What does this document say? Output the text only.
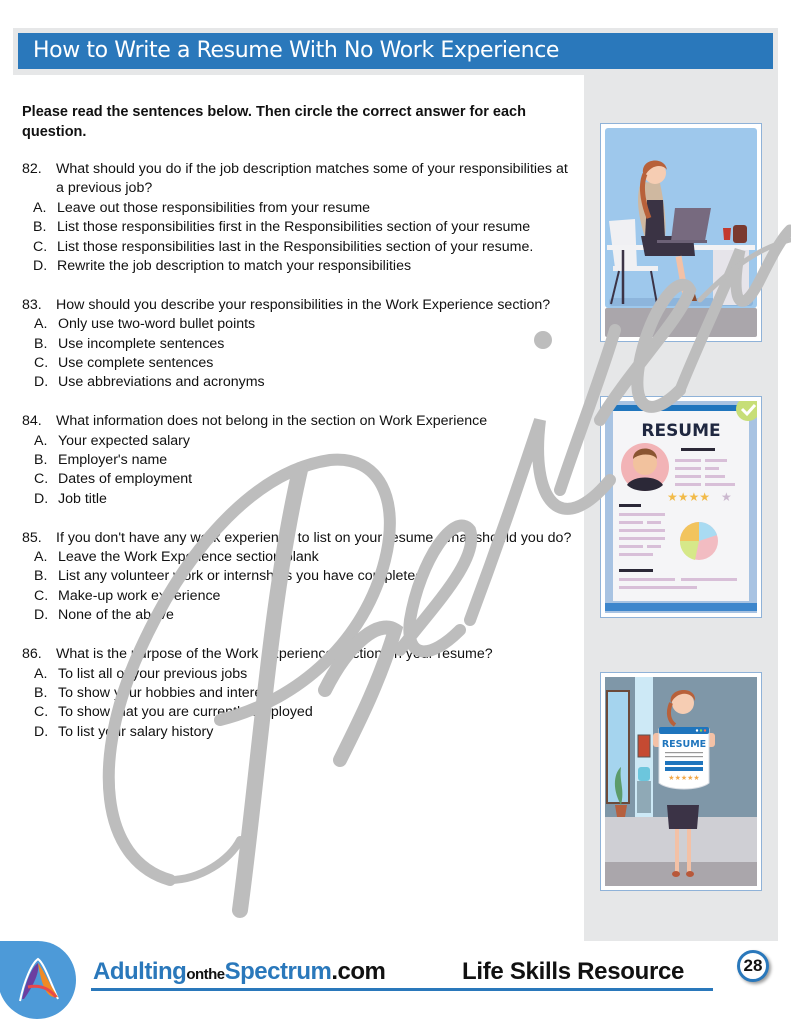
How to Write a Resume With No Work Experience

Please read the sentences below. Then circle the correct answer for each question.

82.	What should you do if the job description matches some of your responsibilities at a previous job?
A. Leave out those responsibilities from your resume
B. List those responsibilities first in the Responsibilities section of your resume
C. List those responsibilities last in the Responsibilities section of your resume.
D. Rewrite the job description to match your responsibilities
83.	How should you describe your responsibilities in the Work Experience section?
A. Only use two-word bullet points
B. Use incomplete sentences
C. Use complete sentences
D. Use abbreviations and acronyms
84.	What information does not belong in the section on Work Experience
A. Your expected salary
B. Employer's name
C. Dates of employment
D. Job title
85. If you don't have any work experience to list on your resume, what should you do?
A. Leave the Work Experience section blank
B. List any volunteer work or internships you have completed.
C. Make-up work experience
D. None of the above
86.	What is the purpose of the Work Experience section on your resume?
A. To list all of your previous jobs
B. To show your hobbies and interest
C. To show that you are currently employed
D. To list your salary history
RESUME
★★★★ ★
RESUME
★★★★★
AdultingontheSpectrum.com	Life Skills Resource	28
